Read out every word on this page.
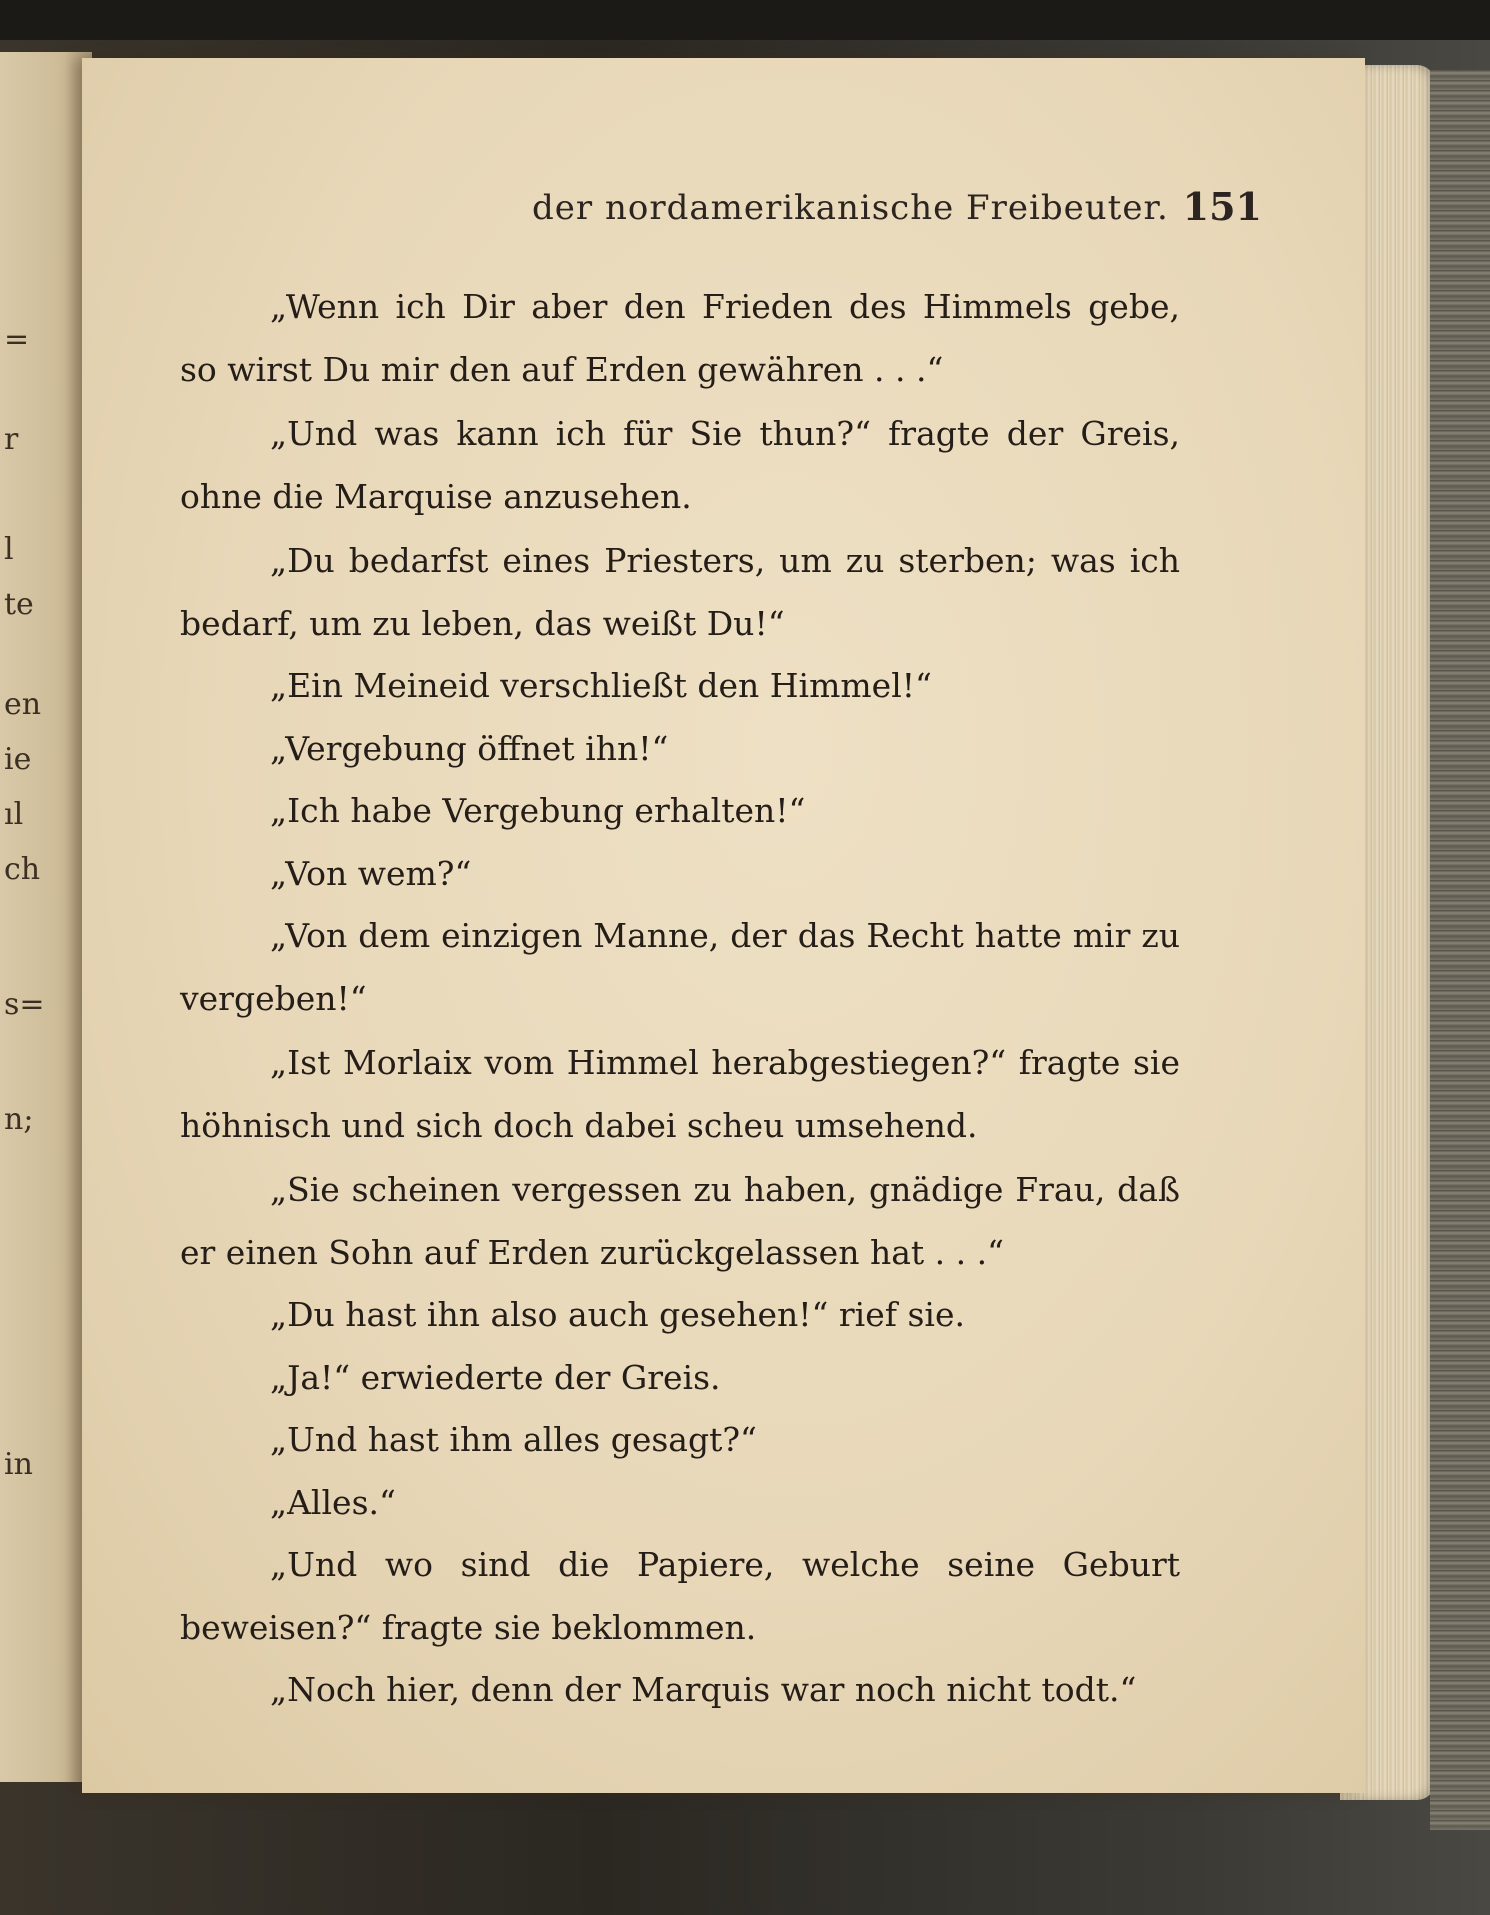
=
r
l
te
en
ie
ıl
ch
s=
n;
in
der nordamerikanische Freibeuter. 151

„Wenn ich Dir aber den Frieden des Himmels gebe, so wirst Du mir den auf Erden gewähren . . .“

„Und was kann ich für Sie thun?“ fragte der Greis, ohne die Marquise anzusehen.

„Du bedarfst eines Priesters, um zu sterben; was ich bedarf, um zu leben, das weißt Du!“

„Ein Meineid verschließt den Himmel!“

„Vergebung öffnet ihn!“

„Ich habe Vergebung erhalten!“

„Von wem?“

„Von dem einzigen Manne, der das Recht hatte mir zu vergeben!“

„Ist Morlaix vom Himmel herabgestiegen?“ fragte sie höhnisch und sich doch dabei scheu umsehend.

„Sie scheinen vergessen zu haben, gnädige Frau, daß er einen Sohn auf Erden zurückgelassen hat . . .“

„Du hast ihn also auch gesehen!“ rief sie.

„Ja!“ erwiederte der Greis.

„Und hast ihm alles gesagt?“

„Alles.“

„Und wo sind die Papiere, welche seine Geburt beweisen?“ fragte sie beklommen.

„Noch hier, denn der Marquis war noch nicht todt.“
